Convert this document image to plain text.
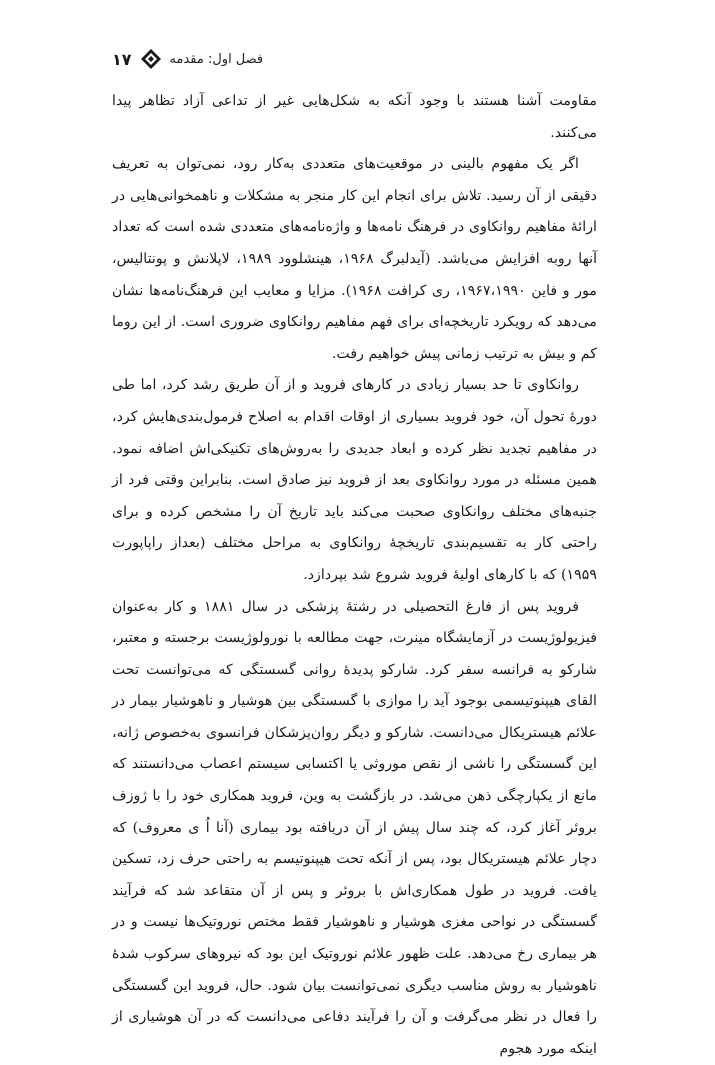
۱۷	فصل اول: مقدمه

مقاومت آشنا هستند با وجود آنکه به شکل‌هایی غیر از تداعی آزاد تظاهر پیدا می‌کنند.

اگر یک مفهوم بالینی در موقعیت‌های متعددی به‌کار رود، نمی‌توان به تعریف دقیقی از آن رسید. تلاش برای انجام این کار منجر به مشکلات و ناهمخوانی‌هایی در ارائهٔ مفاهیم روانکاوی در فرهنگ نامه‌ها و واژه‌نامه‌های متعددی شده است که تعداد آنها روبه افزایش می‌باشد. (آیدلبرگ ۱۹۶۸، هینشلوود ۱۹۸۹، لاپلانش و پونتالیس، مور و فاین ۱۹۶۷،۱۹۹۰، ری کرافت ۱۹۶۸). مزایا و معایب این فرهنگ‌نامه‌ها نشان می‌دهد که رویکرد تاریخچه‌ای برای فهم مفاهیم روانکاوی ضروری است. از این روما کم و بیش به ترتیب زمانی پیش خواهیم رفت.

روانکاوی تا حد بسیار زیادی در کارهای فروید و از آن طریق رشد کرد، اما طی دورهٔ تحول آن، خود فروید بسیاری از اوقات اقدام به اصلاح فرمول‌بندی‌هایش کرد، در مفاهیم تجدید نظر کرده و ابعاد جدیدی را به‌روش‌های تکنیکی‌اش اضافه نمود. همین مسئله در مورد روانکاوی بعد از فروید نیز صادق است. بنابراین وقتی فرد از جنبه‌های مختلف روانکاوی صحبت می‌کند باید تاریخ آن را مشخص کرده و برای راحتی کار به تقسیم‌بندی تاریخچهٔ روانکاوی به مراحل مختلف (بعداز راپاپورت ۱۹۵۹) که با کارهای اولیهٔ فروید شروع شد بپردازد.

فروید پس از فارغ التحصیلی در رشتهٔ پزشکی در سال ۱۸۸۱ و کار به‌عنوان فیزیولوژیست در آزمایشگاه مینرت، جهت مطالعه با نورولوژیست برجسته و معتبر، شارکو به فرانسه سفر کرد. شارکو پدیدهٔ روانی گسستگی که می‌توانست تحت القای هیپنوتیسمی بوجود آید را موازی با گسستگی بین هوشیار و ناهوشیار بیمار در علائم هیستریکال می‌دانست. شارکو و دیگر روان‌پزشکان فرانسوی به‌خصوص ژانه، این گسستگی را ناشی از نقص موروثی یا اکتسابی سیستم اعصاب می‌دانستند که مانع از یکپارچگی ذهن می‌شد. در بازگشت به وین، فروید همکاری خود را با ژوزف بروئر آغاز کرد، که چند سال پیش از آن دریافته بود بیماری (آنا اُ ی معروف) که دچار علائم هیستریکال بود، پس از آنکه تحت هیپنوتیسم به راحتی حرف زد، تسکین یافت. فروید در طول همکاری‌اش با بروئر و پس از آن متقاعد شد که فرآیند گسستگی در نواحی مغزی هوشیار و ناهوشیار فقط مختص نوروتیک‌ها نیست و در هر بیماری رخ می‌دهد. علت ظهور علائم نوروتیک این بود که نیروهای سرکوب شدهٔ ناهوشیار به روش مناسب دیگری نمی‌توانست بیان شود. حال، فروید این گسستگی را فعال در نظر می‌گرفت و آن را فرآیند دفاعی می‌دانست که در آن هوشیاری از اینکه مورد هجوم
